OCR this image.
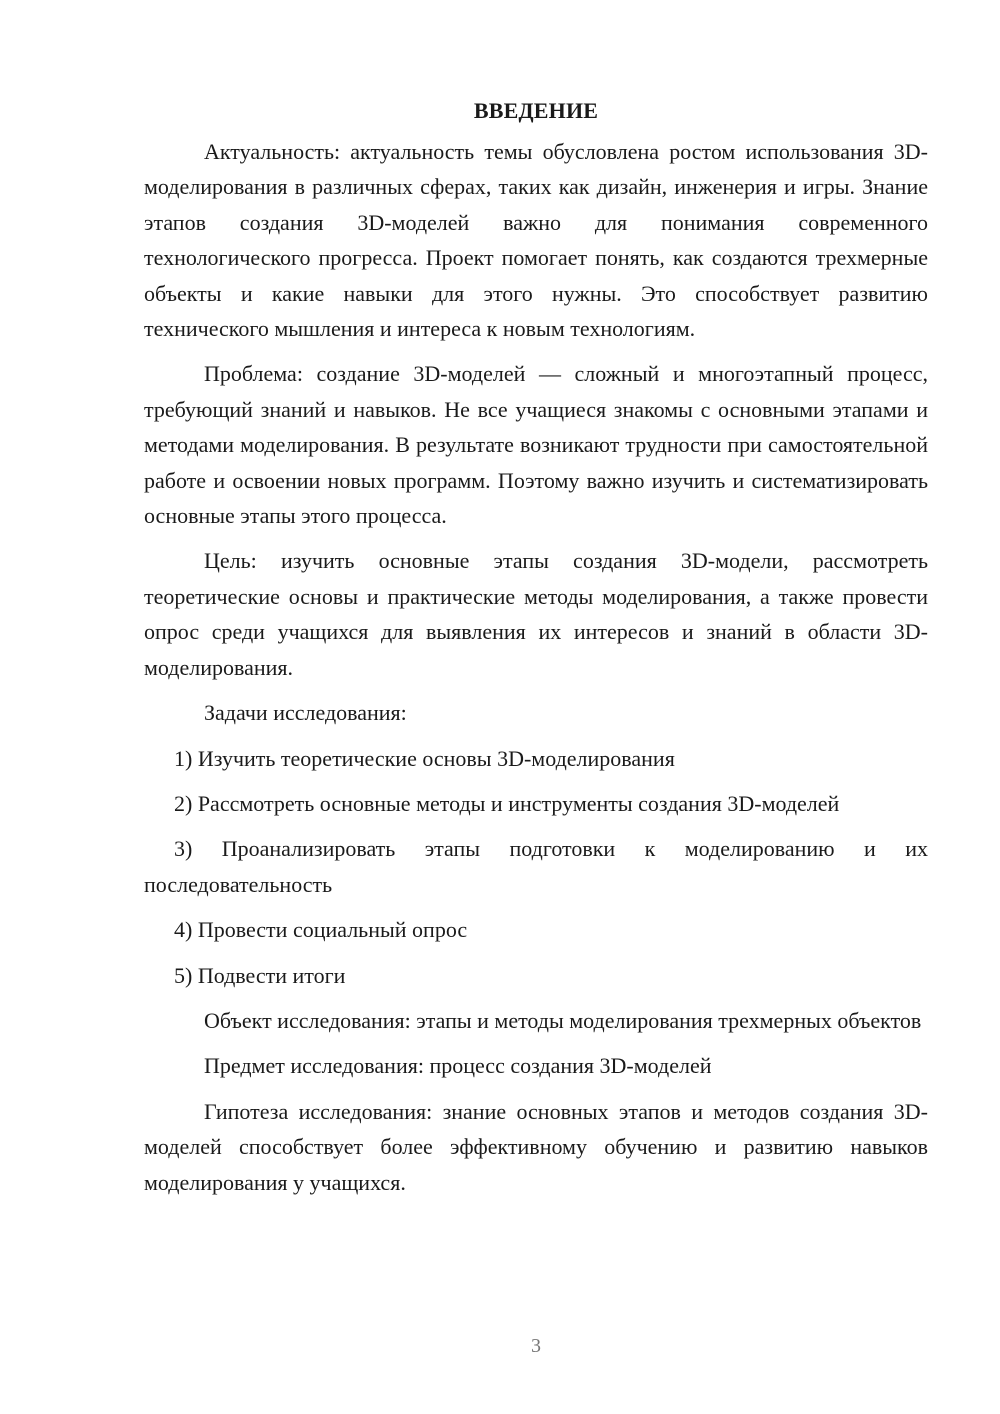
ВВЕДЕНИЕ

Актуальность: актуальность темы обусловлена ростом использования 3D-моделирования в различных сферах, таких как дизайн, инженерия и игры. Знание этапов создания 3D-моделей важно для понимания современного технологического прогресса. Проект помогает понять, как создаются трехмерные объекты и какие навыки для этого нужны. Это способствует развитию технического мышления и интереса к новым технологиям.

Проблема: создание 3D-моделей — сложный и многоэтапный процесс, требующий знаний и навыков. Не все учащиеся знакомы с основными этапами и методами моделирования. В результате возникают трудности при самостоятельной работе и освоении новых программ. Поэтому важно изучить и систематизировать основные этапы этого процесса.

Цель: изучить основные этапы создания 3D-модели, рассмотреть теоретические основы и практические методы моделирования, а также провести опрос среди учащихся для выявления их интересов и знаний в области 3D-моделирования.

Задачи исследования:

1) Изучить теоретические основы 3D-моделирования

2) Рассмотреть основные методы и инструменты создания 3D-моделей

3) Проанализировать этапы подготовки к моделированию и их последовательность

4) Провести социальный опрос

5) Подвести итоги

Объект исследования: этапы и методы моделирования трехмерных объектов

Предмет исследования: процесс создания 3D-моделей

Гипотеза исследования: знание основных этапов и методов создания 3D-моделей способствует более эффективному обучению и развитию навыков моделирования у учащихся.

3
